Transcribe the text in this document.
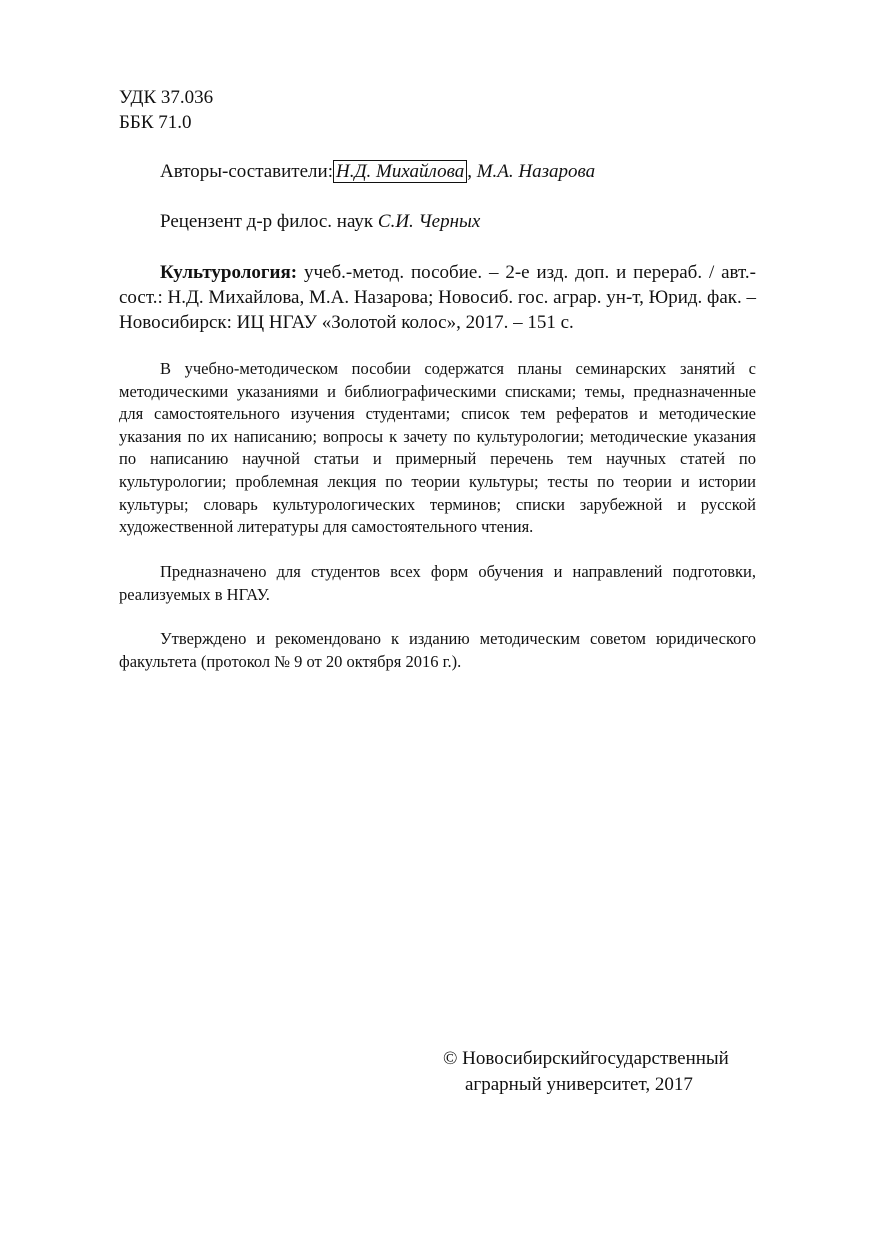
УДК 37.036
ББК 71.0

Авторы-составители: Н.Д. Михайлова , М.А. Назарова

Рецензент д-р филос. наук С.И. Черных

Культурология: учеб.-метод. пособие. – 2-е изд. доп. и перераб. / авт.-сост.: Н.Д. Михайлова, М.А. Назарова; Новосиб. гос. аграр. ун-т, Юрид. фак. – Новосибирск: ИЦ НГАУ «Золотой колос», 2017. – 151 с.

В учебно-методическом пособии содержатся планы семинарских занятий с методическими указаниями и библиографическими списками; темы, предназначенные для самостоятельного изучения студентами; список тем рефератов и методические указания по их написанию; вопросы к зачету по культурологии; методические указания по написанию научной статьи и примерный перечень тем научных статей по культурологии; проблемная лекция по теории культуры; тесты по теории и истории культуры; словарь культурологических терминов; списки зарубежной и русской художественной литературы для самостоятельного чтения.

Предназначено для студентов всех форм обучения и направлений подготовки, реализуемых в НГАУ.

Утверждено и рекомендовано к изданию методическим советом юридического факультета (протокол № 9 от 20 октября 2016 г.).

© Новосибирскийгосударственный
аграрный университет, 2017
